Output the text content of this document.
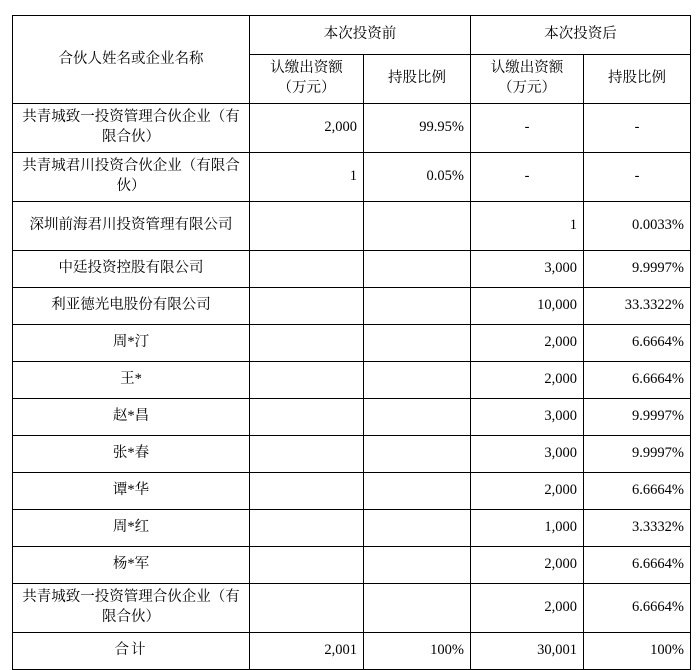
合伙人姓名或企业名称	本次投资前		本次投资后	
	认缴出资额（万元）	持股比例	认缴出资额（万元）	持股比例
共青城致一投资管理合伙企业（有限合伙）	2,000	99.95%	-	-
共青城君川投资合伙企业（有限合伙）	1	0.05%	-	-
深圳前海君川投资管理有限公司			1	0.0033%
中廷投资控股有限公司			3,000	9.9997%
利亚德光电股份有限公司			10,000	33.3322%
周*汀			2,000	6.6664%
王*			2,000	6.6664%
赵*昌			3,000	9.9997%
张*春			3,000	9.9997%
谭*华			2,000	6.6664%
周*红			1,000	3.3332%
杨*军			2,000	6.6664%
共青城致一投资管理合伙企业（有限合伙）			2,000	6.6664%
合计	2,001	100%	30,001	100%
